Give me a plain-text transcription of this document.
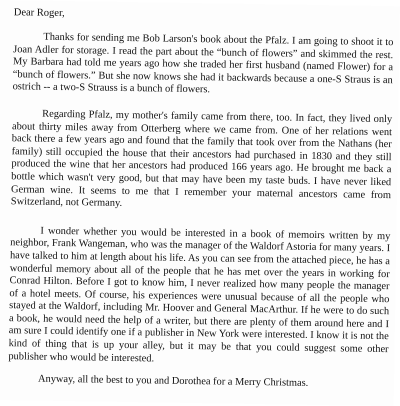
Dear Roger,

Thanks for sending me Bob Larson's book about the Pfalz. I am going to shoot it to Joan Adler for storage. I read the part about the “bunch of flowers” and skimmed the rest. My Barbara had told me years ago how she traded her first husband (named Flower) for a “bunch of flowers.” But she now knows she had it backwards because a one-S Straus is an ostrich -- a two-S Strauss is a bunch of flowers.

Regarding Pfalz, my mother's family came from there, too. In fact, they lived only about thirty miles away from Otterberg where we came from. One of her relations went back there a few years ago and found that the family that took over from the Nathans (her family) still occupied the house that their ancestors had purchased in 1830 and they still produced the wine that her ancestors had produced 166 years ago. He brought me back a bottle which wasn't very good, but that may have been my taste buds. I have never liked German wine. It seems to me that I remember your maternal ancestors came from Switzerland, not Germany.

I wonder whether you would be interested in a book of memoirs written by my neighbor, Frank Wangeman, who was the manager of the Waldorf Astoria for many years. I have talked to him at length about his life. As you can see from the attached piece, he has a wonderful memory about all of the people that he has met over the years in working for Conrad Hilton. Before I got to know him, I never realized how many people the manager of a hotel meets. Of course, his experiences were unusual because of all the people who stayed at the Waldorf, including Mr. Hoover and General MacArthur. If he were to do such a book, he would need the help of a writer, but there are plenty of them around here and I am sure I could identify one if a publisher in New York were interested. I know it is not the kind of thing that is up your alley, but it may be that you could suggest some other publisher who would be interested.

Anyway, all the best to you and Dorothea for a Merry Christmas.
